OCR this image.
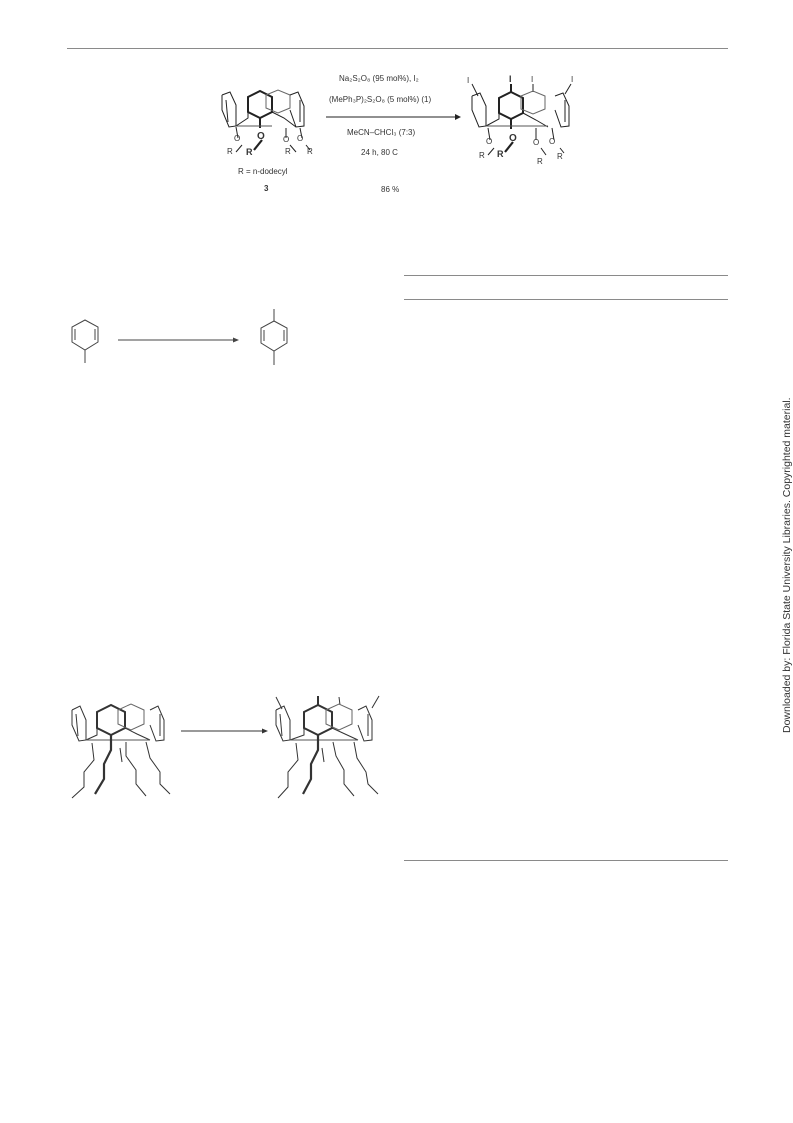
O O O O
R R	R R
R = n-dodecyl
3
Na₂S₂O₈ (95 mol%), I₂
(MePh₃P)₂S₂O₈ (5 mol%) (1)
MeCN–CHCl₃ (7:3)
24 h, 80 C
86 %
I	I I	I
O O O O
R R
R
R
Downloaded by: Florida State University Libraries. Copyrighted material.
